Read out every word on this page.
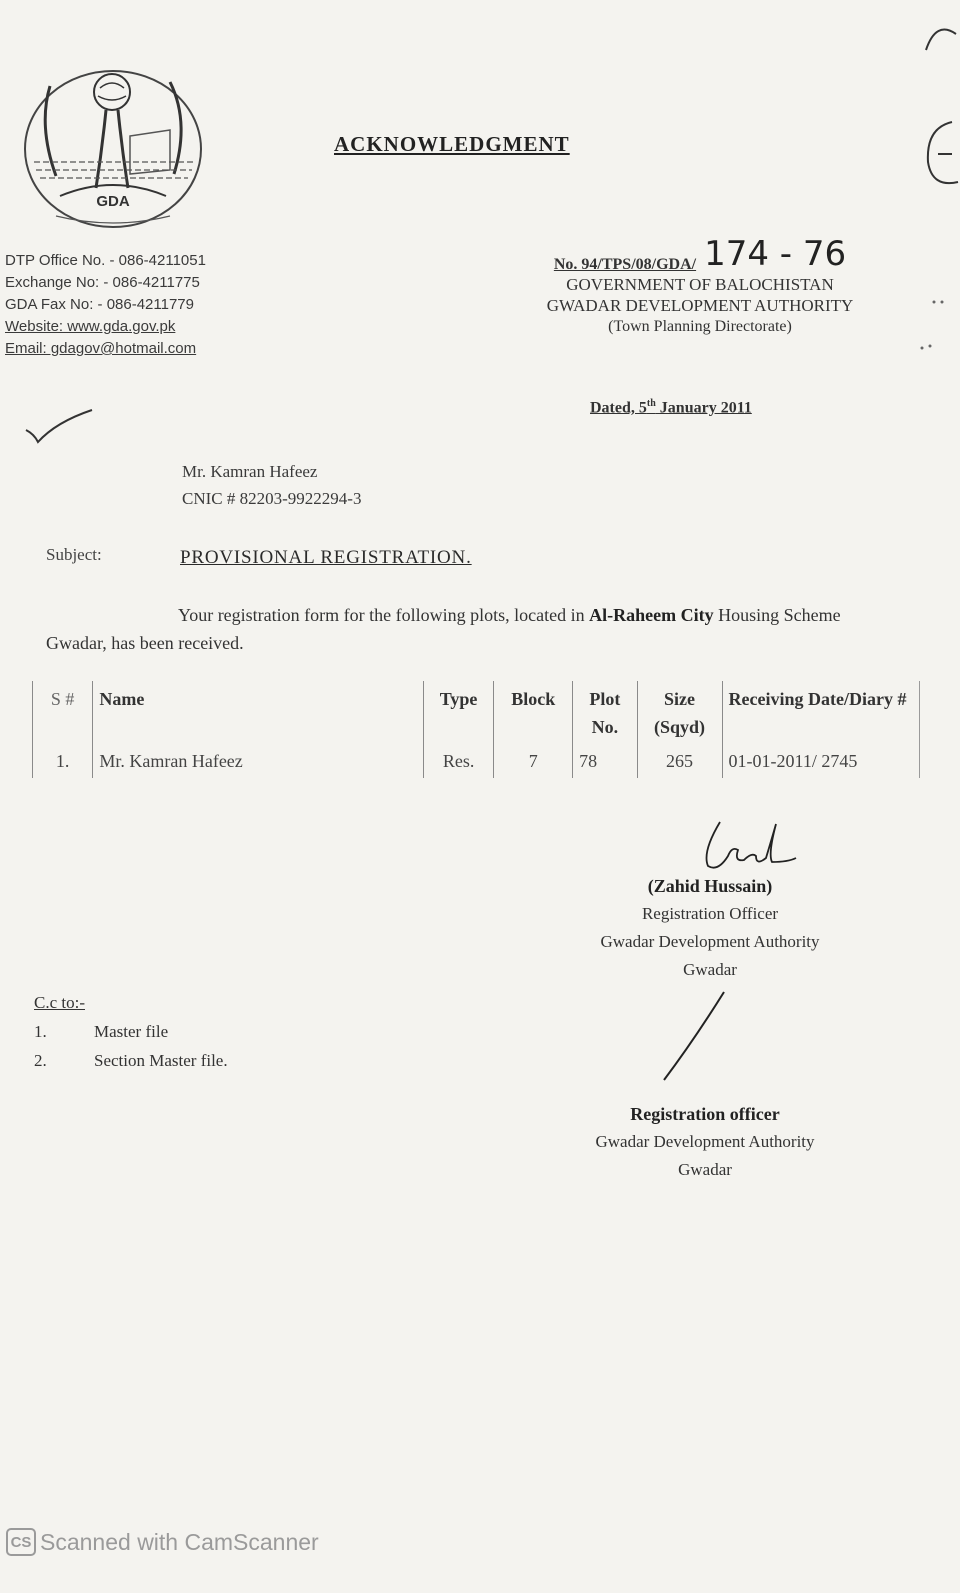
GDA
ACKNOWLEDGMENT
DTP Office No. - 086-4211051
Exchange No: - 086-4211775
GDA Fax No: - 086-4211779
Website: www.gda.gov.pk
Email: gdagov@hotmail.com
No. 94/TPS/08/GDA/ 174 - 76
GOVERNMENT OF BALOCHISTAN
GWADAR DEVELOPMENT AUTHORITY
(Town Planning Directorate)
Dated, 5th January 2011
Mr. Kamran Hafeez
CNIC # 82203-9922294-3
Subject:	PROVISIONAL REGISTRATION.
Your registration form for the following plots, located in Al-Raheem City Housing Scheme Gwadar, has been received.
S #	Name	Type	Block	Plot No.	Size (Sqyd)	Receiving Date/Diary #
1.	Mr. Kamran Hafeez	Res.	7	78	265	01-01-2011/ 2745
(Zahid Hussain)
Registration Officer
Gwadar Development Authority
Gwadar
C.c to:-
1.	Master file
2.	Section Master file.
Registration officer
Gwadar Development Authority
Gwadar
CS Scanned with CamScanner
